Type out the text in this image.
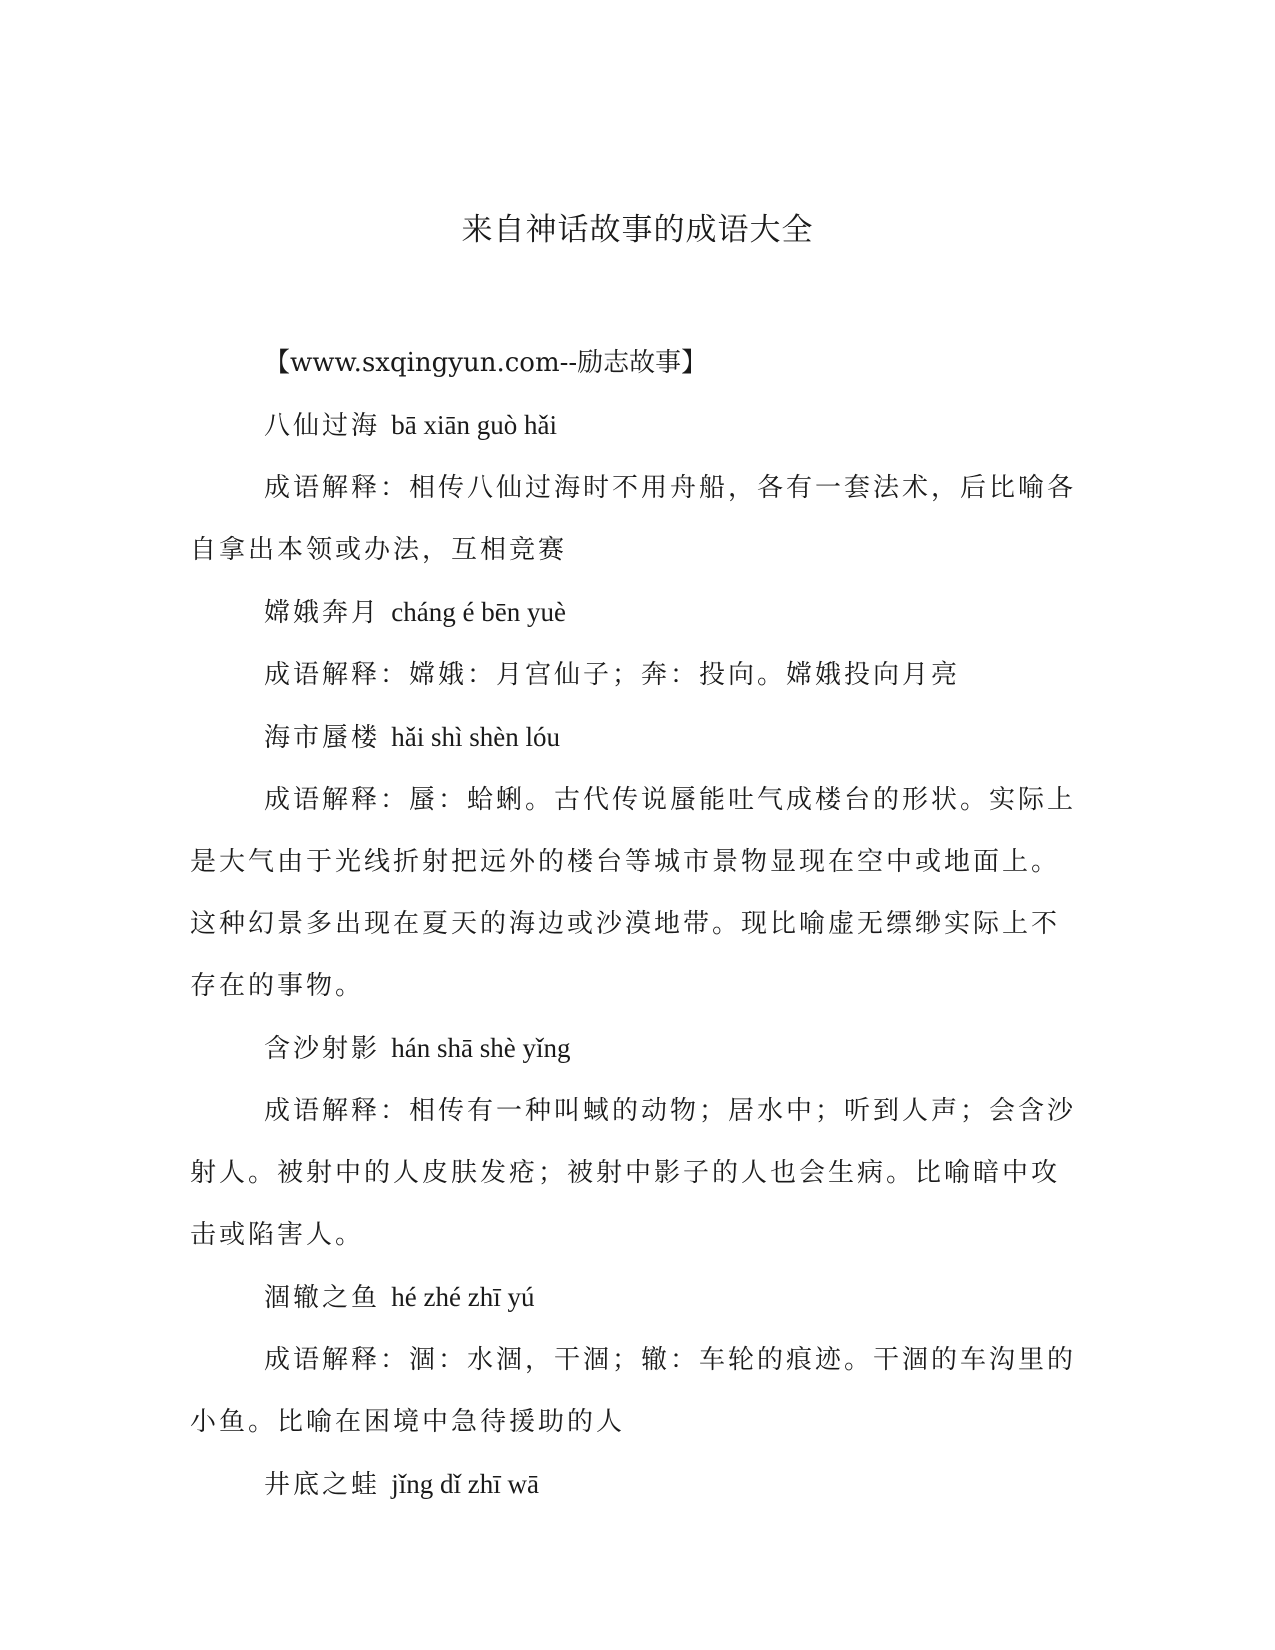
来自神话故事的成语大全

【www.sxqingyun.com--励志故事】

八仙过海 bā xiān guò hǎi

成语解释：相传八仙过海时不用舟船，各有一套法术，后比喻各自拿出本领或办法，互相竞赛

嫦娥奔月 cháng é bēn yuè

成语解释：嫦娥：月宫仙子；奔：投向。嫦娥投向月亮

海市蜃楼 hǎi shì shèn lóu

成语解释：蜃：蛤蜊。古代传说蜃能吐气成楼台的形状。实际上是大气由于光线折射把远外的楼台等城市景物显现在空中或地面上。这种幻景多出现在夏天的海边或沙漠地带。现比喻虚无缥缈实际上不存在的事物。

含沙射影 hán shā shè yǐng

成语解释：相传有一种叫蜮的动物；居水中；听到人声；会含沙射人。被射中的人皮肤发疮；被射中影子的人也会生病。比喻暗中攻击或陷害人。

涸辙之鱼 hé zhé zhī yú

成语解释：涸：水涸，干涸；辙：车轮的痕迹。干涸的车沟里的小鱼。比喻在困境中急待援助的人

井底之蛙 jǐng dǐ zhī wā
